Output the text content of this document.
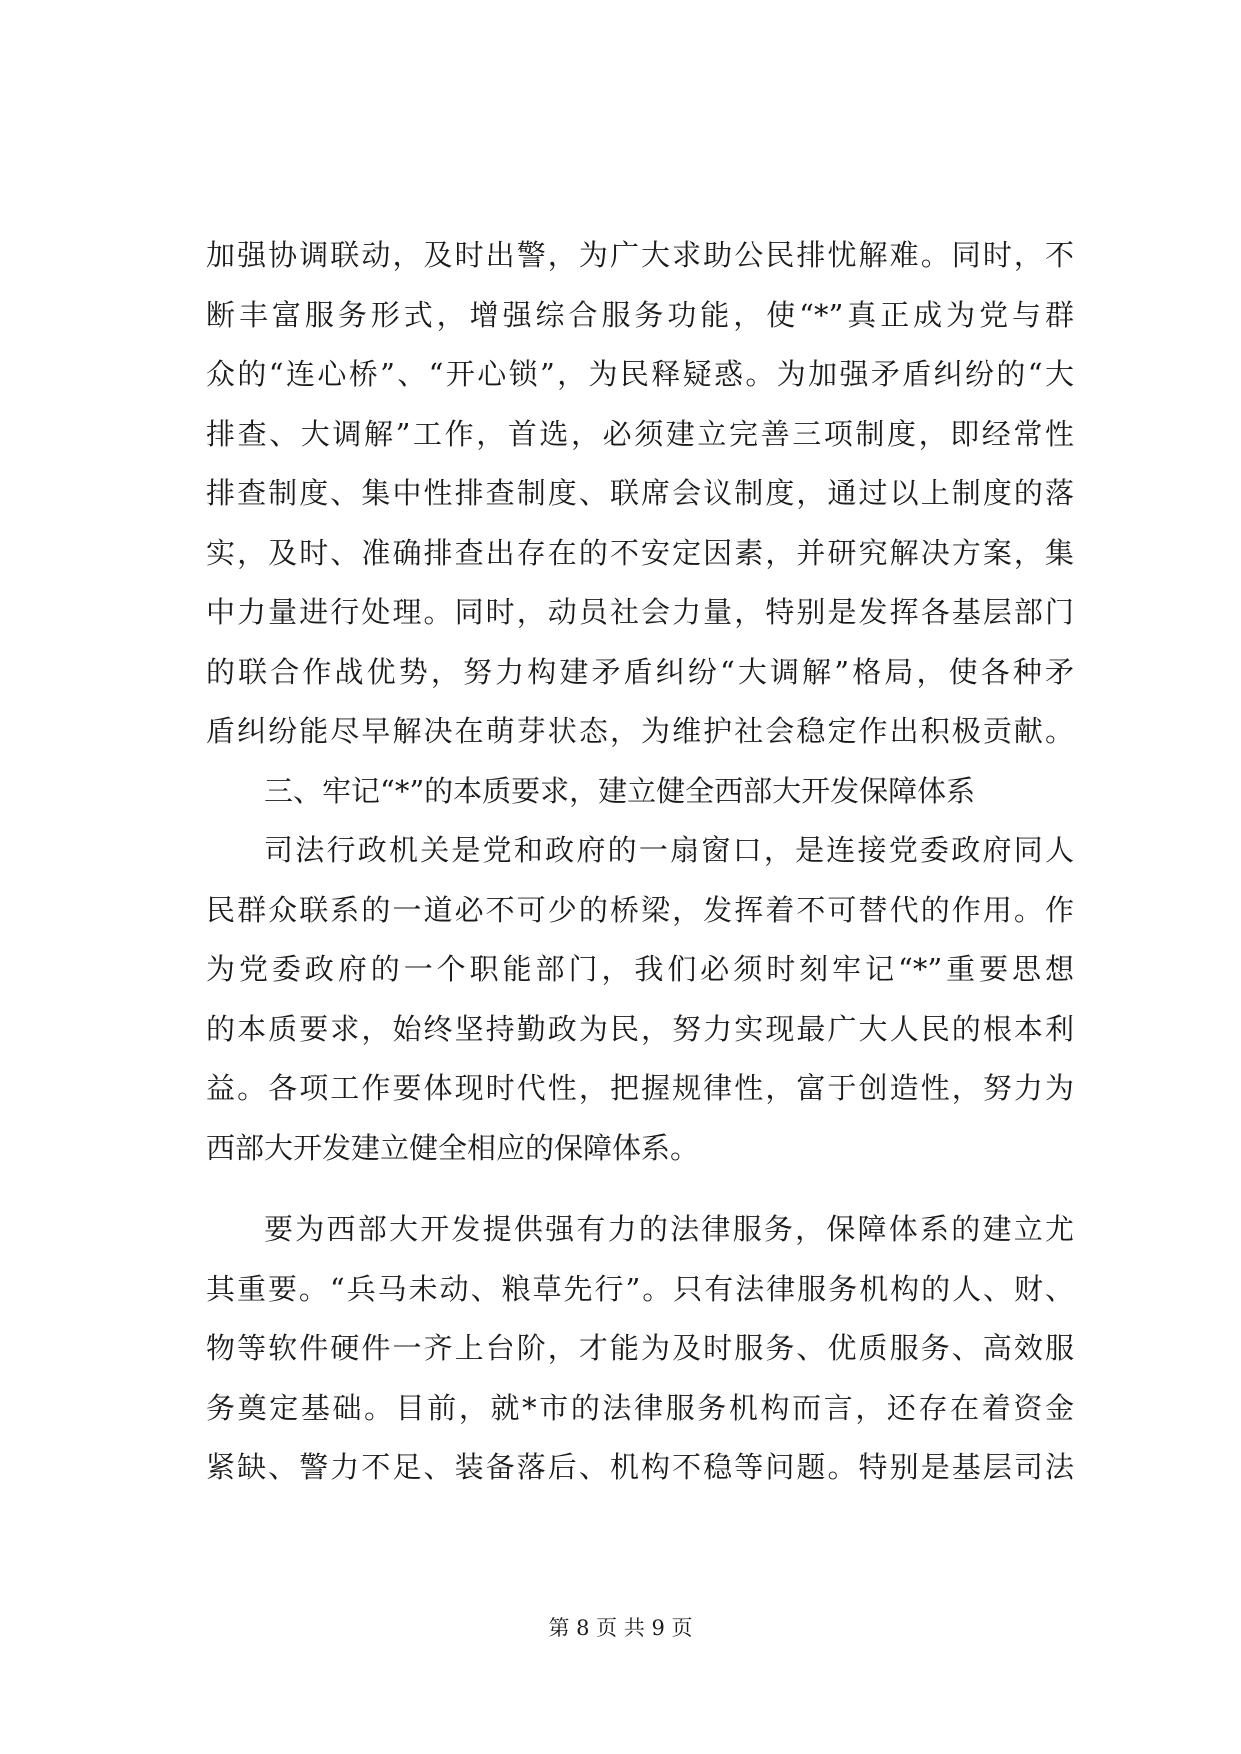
加强协调联动，及时出警，为广大求助公民排忧解难。同时，不
断丰富服务形式，增强综合服务功能，使“*”真正成为党与群
众的“连心桥”、“开心锁”，为民释疑惑。为加强矛盾纠纷的“大
排查、大调解”工作，首选，必须建立完善三项制度，即经常性
排查制度、集中性排查制度、联席会议制度，通过以上制度的落
实，及时、准确排查出存在的不安定因素，并研究解决方案，集
中力量进行处理。同时，动员社会力量，特别是发挥各基层部门
的联合作战优势，努力构建矛盾纠纷“大调解”格局，使各种矛
盾纠纷能尽早解决在萌芽状态，为维护社会稳定作出积极贡献。
三、牢记“*”的本质要求，建立健全西部大开发保障体系
司法行政机关是党和政府的一扇窗口，是连接党委政府同人
民群众联系的一道必不可少的桥梁，发挥着不可替代的作用。作
为党委政府的一个职能部门，我们必须时刻牢记“*”重要思想
的本质要求，始终坚持勤政为民，努力实现最广大人民的根本利
益。各项工作要体现时代性，把握规律性，富于创造性，努力为
西部大开发建立健全相应的保障体系。
要为西部大开发提供强有力的法律服务，保障体系的建立尤
其重要。“兵马未动、粮草先行”。只有法律服务机构的人、财、
物等软件硬件一齐上台阶，才能为及时服务、优质服务、高效服
务奠定基础。目前，就*市的法律服务机构而言，还存在着资金
紧缺、警力不足、装备落后、机构不稳等问题。特别是基层司法
第 8 页 共 9 页
